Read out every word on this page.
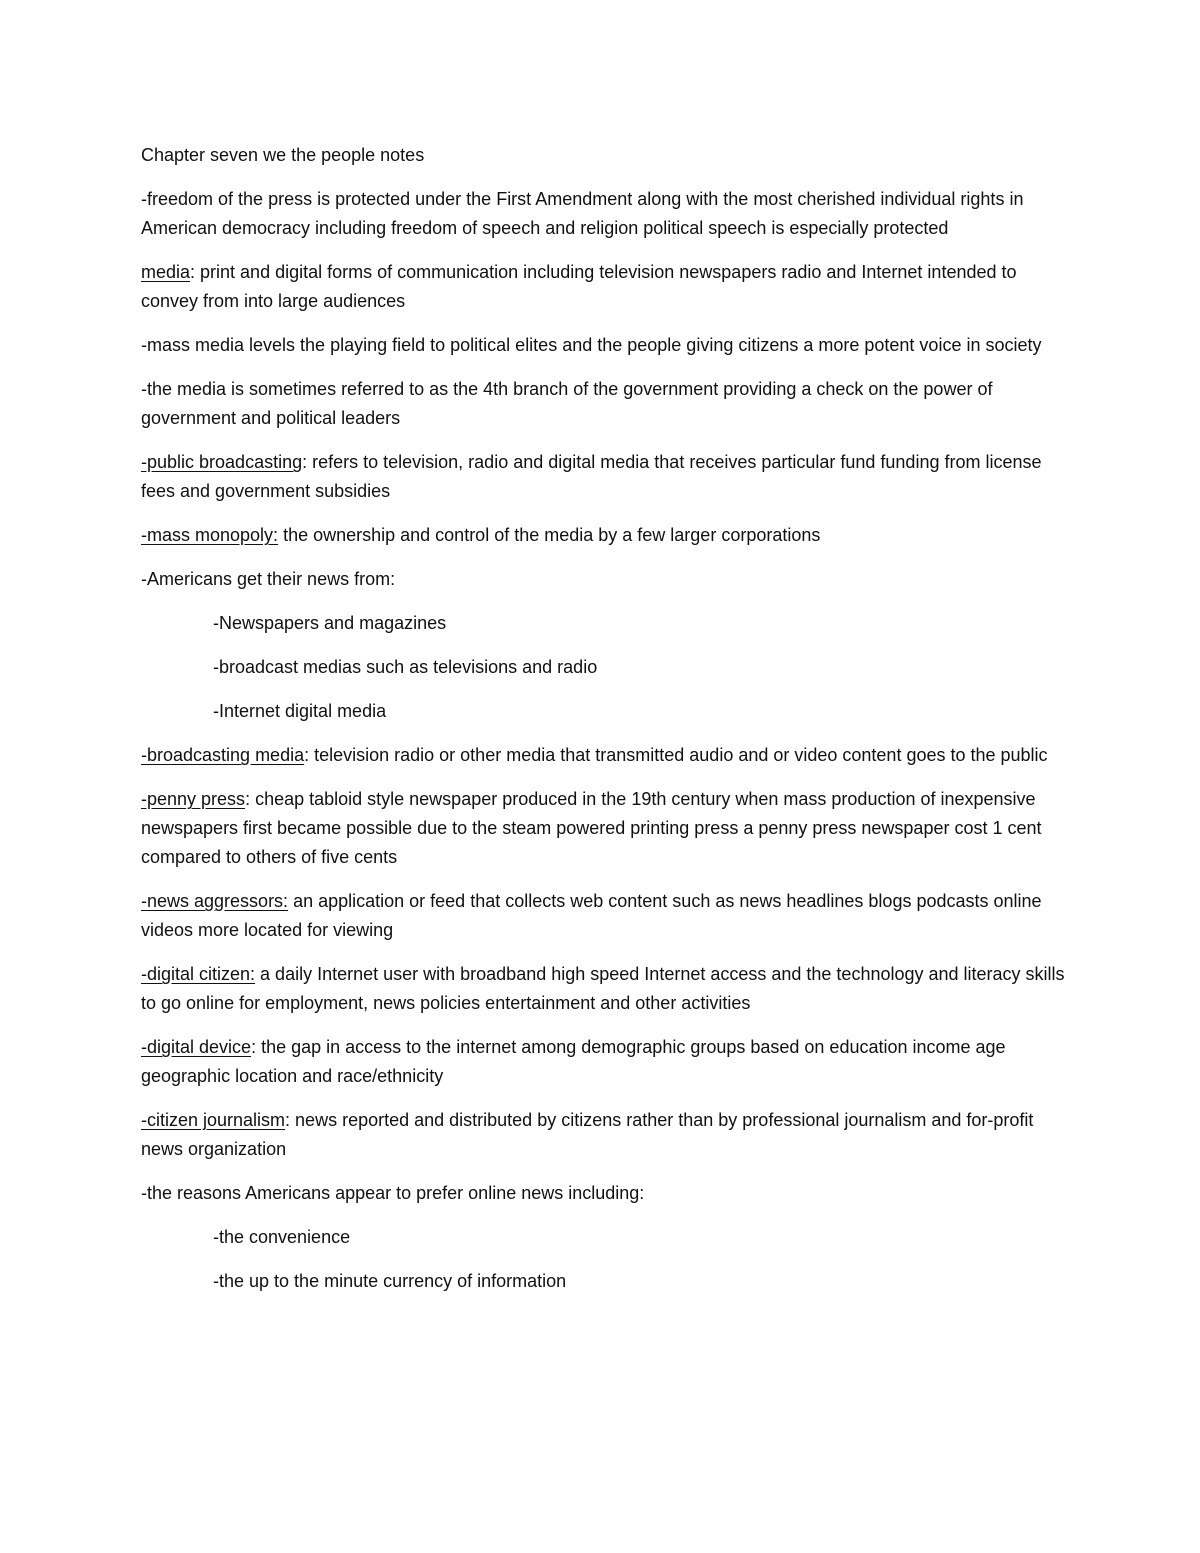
Chapter seven we the people notes

-freedom of the press is protected under the First Amendment along with the most cherished individual rights in American democracy including freedom of speech and religion political speech is especially protected

media: print and digital forms of communication including television newspapers radio and Internet intended to convey from into large audiences

-mass media levels the playing field to political elites and the people giving citizens a more potent voice in society

-the media is sometimes referred to as the 4th branch of the government providing a check on the power of government and political leaders

-public broadcasting: refers to television, radio and digital media that receives particular fund funding from license fees and government subsidies

-mass monopoly: the ownership and control of the media by a few larger corporations

-Americans get their news from:

-Newspapers and magazines

-broadcast medias such as televisions and radio

-Internet digital media

-broadcasting media: television radio or other media that transmitted audio and or video content goes to the public

-penny press: cheap tabloid style newspaper produced in the 19th century when mass production of inexpensive newspapers first became possible due to the steam powered printing press a penny press newspaper cost 1 cent compared to others of five cents

-news aggressors: an application or feed that collects web content such as news headlines blogs podcasts online videos more located for viewing

-digital citizen: a daily Internet user with broadband high speed Internet access and the technology and literacy skills to go online for employment, news policies entertainment and other activities

-digital device: the gap in access to the internet among demographic groups based on education income age geographic location and race/ethnicity

-citizen journalism: news reported and distributed by citizens rather than by professional journalism and for-profit news organization

-the reasons Americans appear to prefer online news including:

-the convenience

-the up to the minute currency of information
